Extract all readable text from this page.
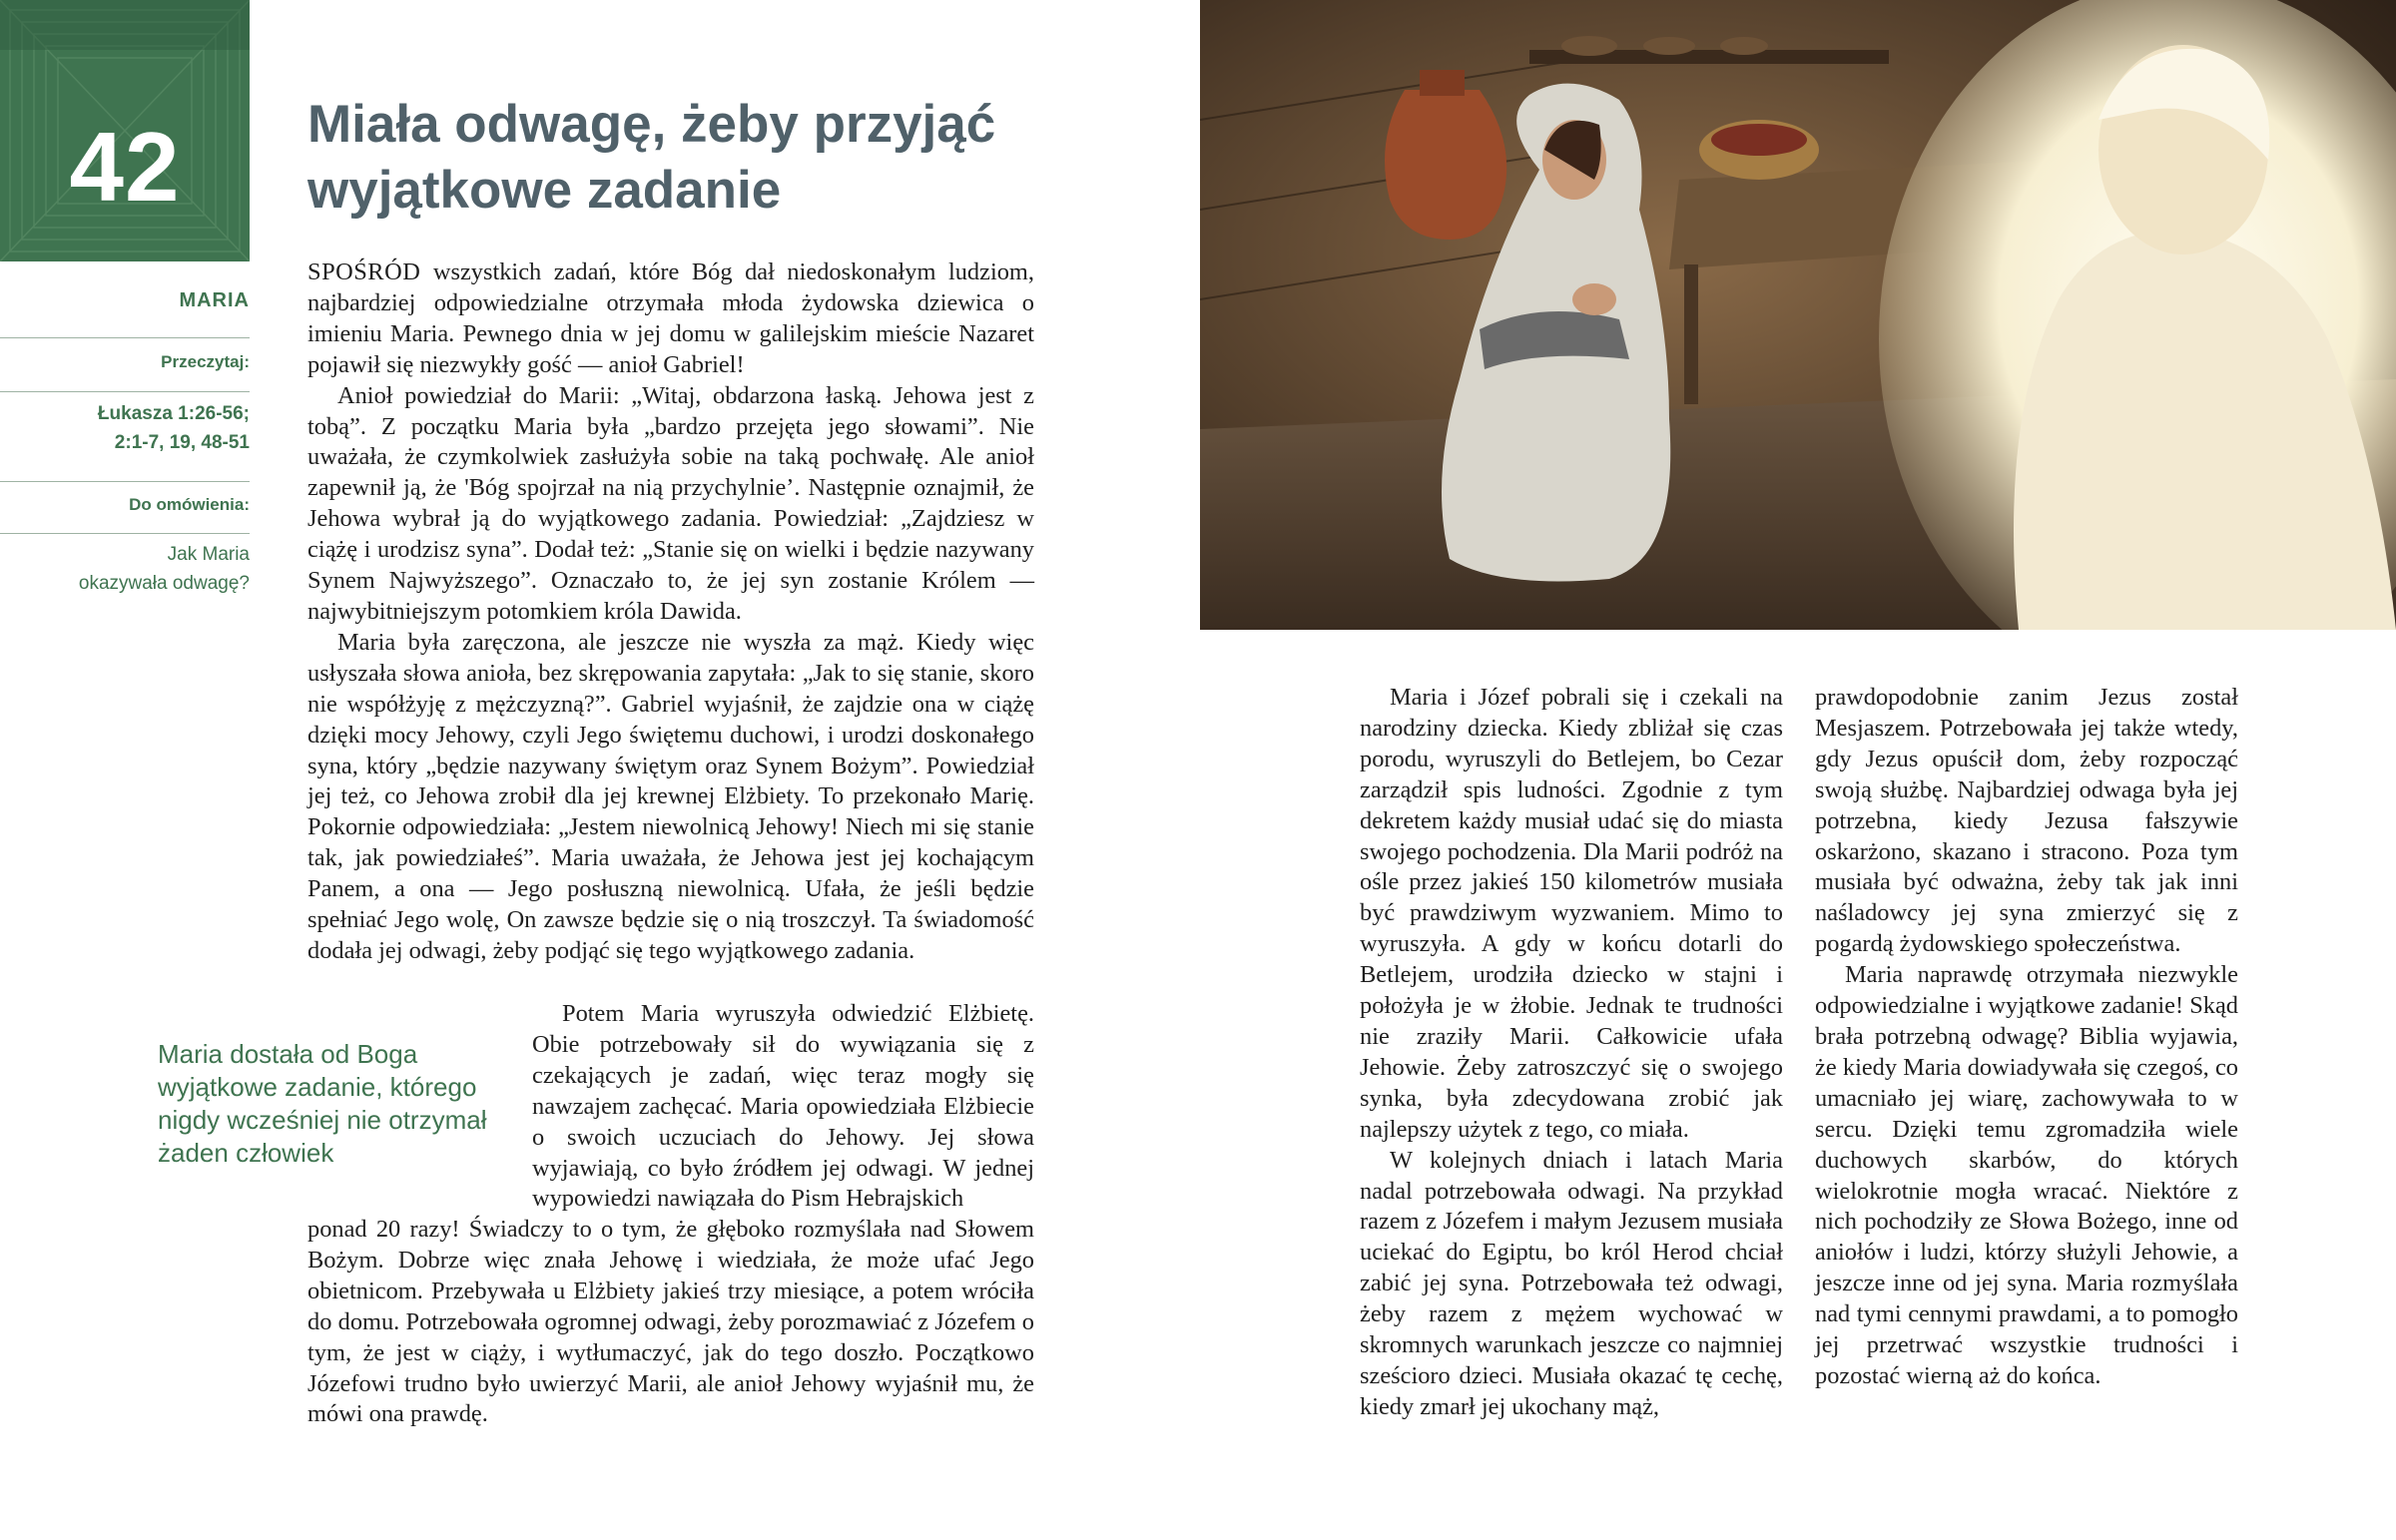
42
MARIA
Przeczytaj:
Łukasza 1:26-56;
2:1-7, 19, 48-51
Do omówienia:
Jak Maria
okazywała odwagę?
Miała odwagę, żeby przyjąć wyjątkowe zadanie

SPOŚRÓD wszystkich zadań, które Bóg dał niedoskonałym ludziom, najbardziej odpowiedzialne otrzymała młoda żydowska dziewica o imieniu Maria. Pewnego dnia w jej domu w galilejskim mieście Nazaret pojawił się niezwykły gość — anioł Gabriel!

Anioł powiedział do Marii: „Witaj, obdarzona łaską. Jehowa jest z tobą”. Z początku Maria była „bardzo przejęta jego słowami”. Nie uważała, że czymkolwiek zasłużyła sobie na taką pochwałę. Ale anioł zapewnił ją, że 'Bóg spojrzał na nią przychylnie’. Następnie oznajmił, że Jehowa wybrał ją do wyjątkowego zadania. Powiedział: „Zajdziesz w ciążę i urodzisz syna”. Dodał też: „Stanie się on wielki i będzie nazywany Synem Najwyższego”. Oznaczało to, że jej syn zostanie Królem — najwybitniejszym potomkiem króla Dawida.

Maria była zaręczona, ale jeszcze nie wyszła za mąż. Kiedy więc usłyszała słowa anioła, bez skrępowania zapytała: „Jak to się stanie, skoro nie współżyję z mężczyzną?”. Gabriel wyjaśnił, że zajdzie ona w ciążę dzięki mocy Jehowy, czyli Jego świętemu duchowi, i urodzi doskonałego syna, który „będzie nazywany świętym oraz Synem Bożym”. Powiedział jej też, co Jehowa zrobił dla jej krewnej Elżbiety. To przekonało Marię. Pokornie odpowiedziała: „Jestem niewolnicą Jehowy! Niech mi się stanie tak, jak powiedziałeś”. Maria uważała, że Jehowa jest jej kochającym Panem, a ona — Jego posłuszną niewolnicą. Ufała, że jeśli będzie spełniać Jego wolę, On zawsze będzie się o nią troszczył. Ta świadomość dodała jej odwagi, żeby podjąć się tego wyjątkowego zadania.

Potem Maria wyruszyła odwiedzić Elżbietę. Obie potrzebowały sił do wywiązania się z czekających je zadań, więc teraz mogły się nawzajem zachęcać. Maria opowiedziała Elżbiecie o swoich uczuciach do Jehowy. Jej słowa wyjawiają, co było źródłem jej odwagi. W jednej wypowiedzi nawiązała do Pism Hebrajskich

ponad 20 razy! Świadczy to o tym, że głęboko rozmyślała nad Słowem Bożym. Dobrze więc znała Jehowę i wiedziała, że może ufać Jego obietnicom. Przebywała u Elżbiety jakieś trzy miesiące, a potem wróciła do domu. Potrzebowała ogromnej odwagi, żeby porozmawiać z Józefem o tym, że jest w ciąży, i wytłumaczyć, jak do tego doszło. Początkowo Józefowi trudno było uwierzyć Marii, ale anioł Jehowy wyjaśnił mu, że mówi ona prawdę.

Maria dostała od Boga wyjątkowe zadanie, którego nigdy wcześniej nie otrzymał żaden człowiek

Maria i Józef pobrali się i czekali na narodziny dziecka. Kiedy zbliżał się czas porodu, wyruszyli do Betlejem, bo Cezar zarządził spis ludności. Zgodnie z tym dekretem każdy musiał udać się do miasta swojego pochodzenia. Dla Marii podróż na ośle przez jakieś 150 kilometrów musiała być prawdziwym wyzwaniem. Mimo to wyruszyła. A gdy w końcu dotarli do Betlejem, urodziła dziecko w stajni i położyła je w żłobie. Jednak te trudności nie zraziły Marii. Całkowicie ufała Jehowie. Żeby zatroszczyć się o swojego synka, była zdecydowana zrobić jak najlepszy użytek z tego, co miała.

W kolejnych dniach i latach Maria nadal potrzebowała odwagi. Na przykład razem z Józefem i małym Jezusem musiała uciekać do Egiptu, bo król Herod chciał zabić jej syna. Potrzebowała też odwagi, żeby razem z mężem wychować w skromnych warunkach jeszcze co najmniej sześcioro dzieci. Musiała okazać tę cechę, kiedy zmarł jej ukochany mąż,

prawdopodobnie zanim Jezus został Mesjaszem. Potrzebowała jej także wtedy, gdy Jezus opuścił dom, żeby rozpocząć swoją służbę. Najbardziej odwaga była jej potrzebna, kiedy Jezusa fałszywie oskarżono, skazano i stracono. Poza tym musiała być odważna, żeby tak jak inni naśladowcy jej syna zmierzyć się z pogardą żydowskiego społeczeństwa.

Maria naprawdę otrzymała niezwykle odpowiedzialne i wyjątkowe zadanie! Skąd brała potrzebną odwagę? Biblia wyjawia, że kiedy Maria dowiadywała się czegoś, co umacniało jej wiarę, zachowywała to w sercu. Dzięki temu zgromadziła wiele duchowych skarbów, do których wielokrotnie mogła wracać. Niektóre z nich pochodziły ze Słowa Bożego, inne od aniołów i ludzi, którzy służyli Jehowie, a jeszcze inne od jej syna. Maria rozmyślała nad tymi cennymi prawdami, a to pomogło jej przetrwać wszystkie trudności i pozostać wierną aż do końca.
